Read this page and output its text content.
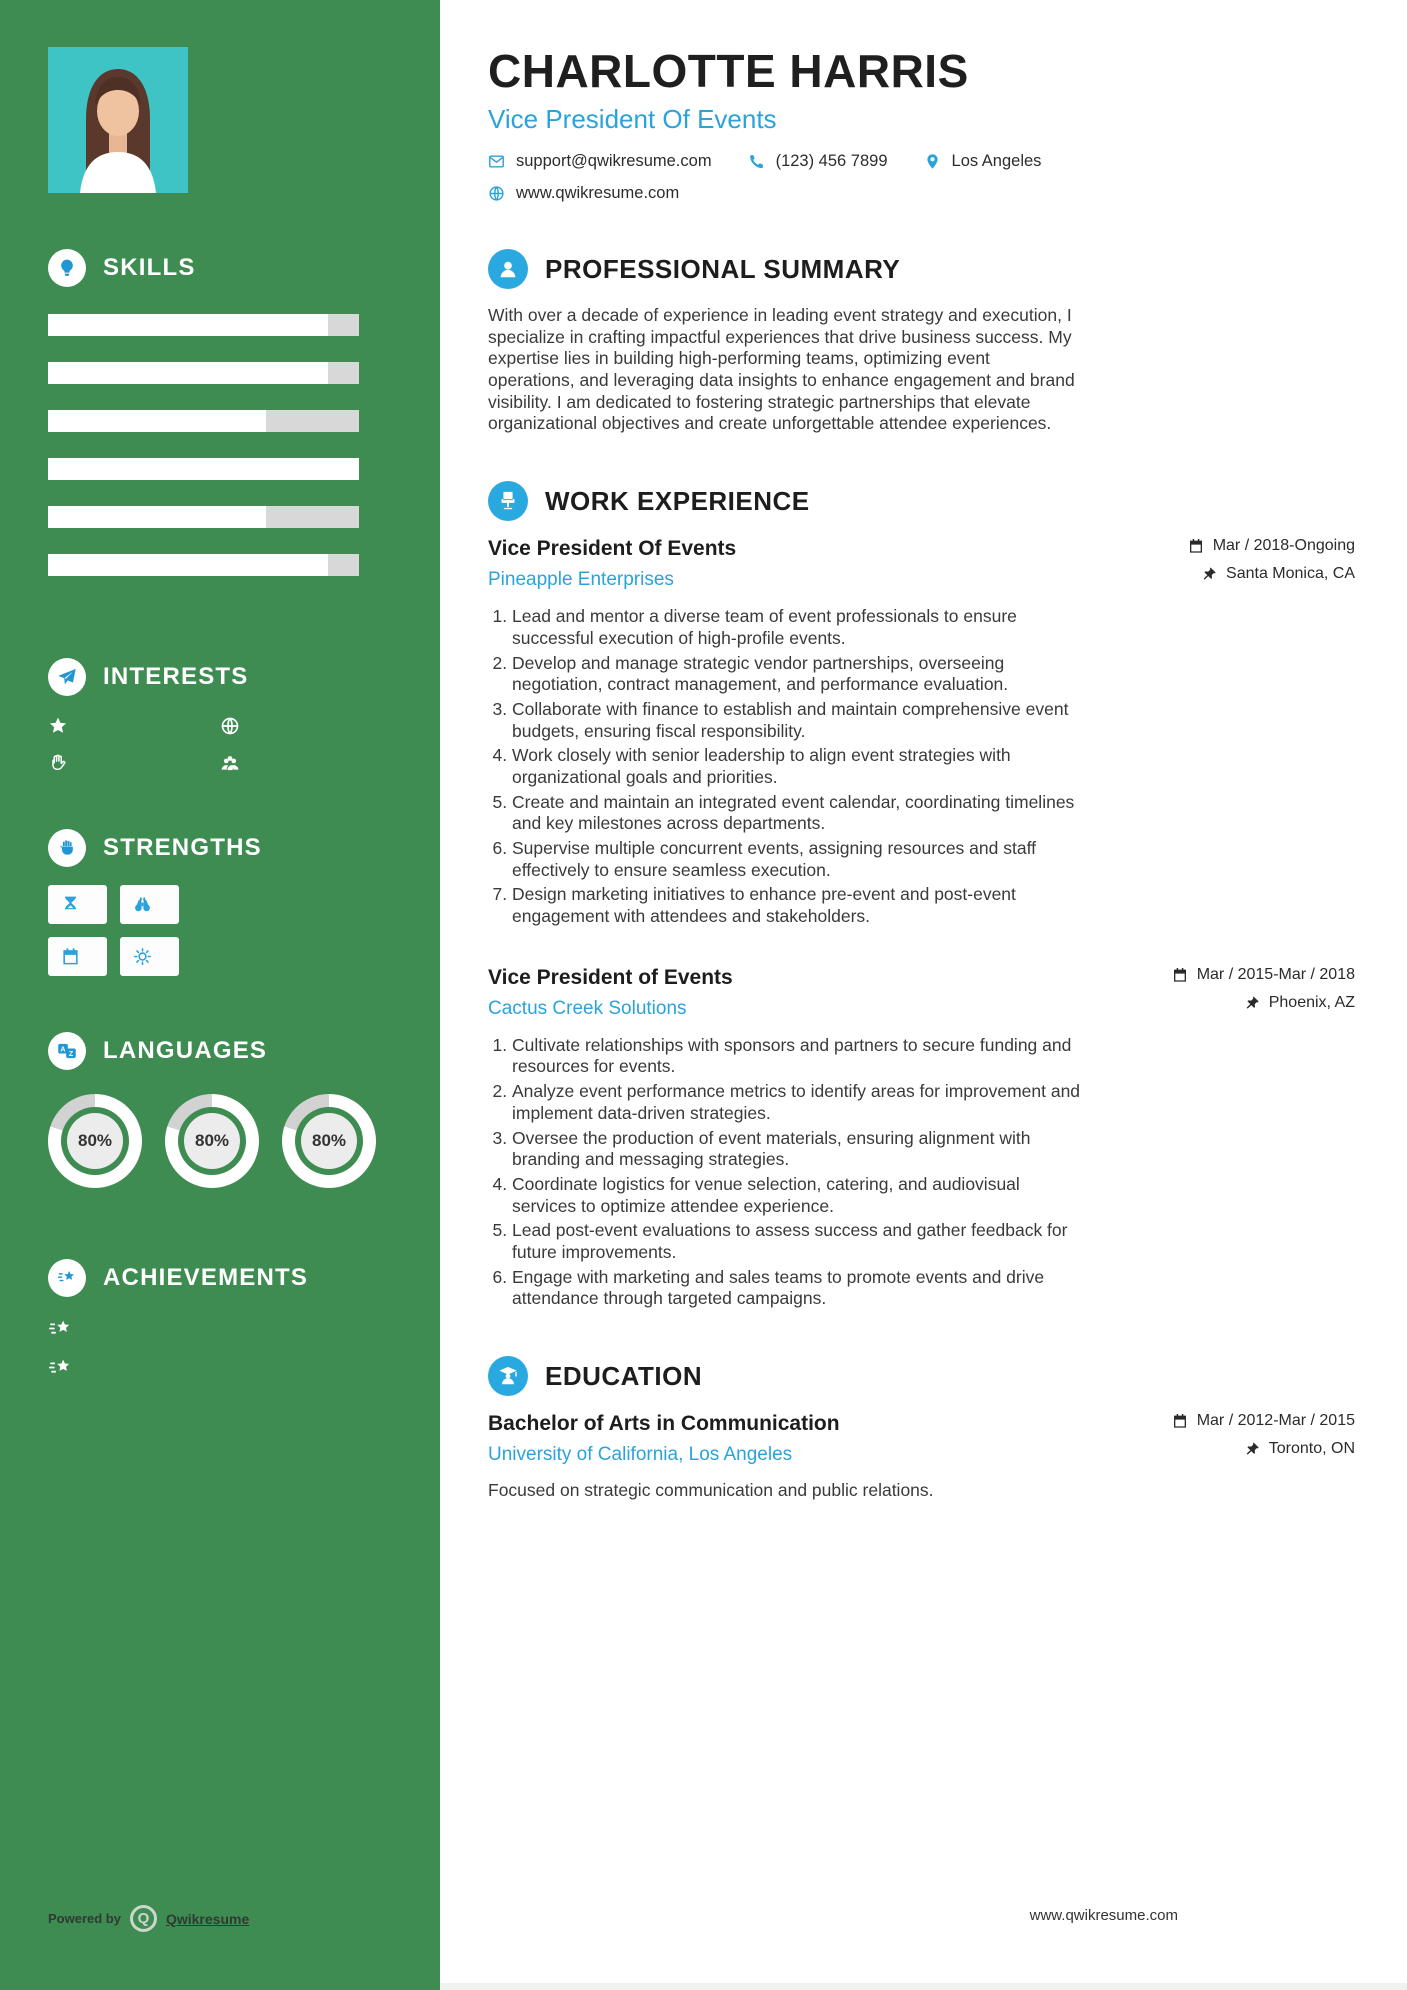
SKILLS
INTERESTS
STRENGTHS
A
Z LANGUAGES
80%	80%	80%
ACHIEVEMENTS
Powered by	Q	Qwikresume
CHARLOTTE HARRIS
Vice President Of Events
support@qwikresume.com	(123) 456 7899	Los Angeles
www.qwikresume.com
PROFESSIONAL SUMMARY

With over a decade of experience in leading event strategy and execution, I specialize in crafting impactful experiences that drive business success. My expertise lies in building high-performing teams, optimizing event operations, and leveraging data insights to enhance engagement and brand visibility. I am dedicated to fostering strategic partnerships that elevate organizational objectives and create unforgettable attendee experiences.

WORK EXPERIENCE
Vice President Of Events
Pineapple Enterprises
Mar / 2018-Ongoing
Santa Monica, CA
1. Lead and mentor a diverse team of event professionals to ensure successful execution of high-profile events.
2. Develop and manage strategic vendor partnerships, overseeing negotiation, contract management, and performance evaluation.
3. Collaborate with finance to establish and maintain comprehensive event budgets, ensuring fiscal responsibility.
4. Work closely with senior leadership to align event strategies with organizational goals and priorities.
5. Create and maintain an integrated event calendar, coordinating timelines and key milestones across departments.
6. Supervise multiple concurrent events, assigning resources and staff effectively to ensure seamless execution.
7. Design marketing initiatives to enhance pre-event and post-event engagement with attendees and stakeholders.
Vice President of Events
Cactus Creek Solutions
Mar / 2015-Mar / 2018
Phoenix, AZ
1. Cultivate relationships with sponsors and partners to secure funding and resources for events.
2. Analyze event performance metrics to identify areas for improvement and implement data-driven strategies.
3. Oversee the production of event materials, ensuring alignment with branding and messaging strategies.
4. Coordinate logistics for venue selection, catering, and audiovisual services to optimize attendee experience.
5. Lead post-event evaluations to assess success and gather feedback for future improvements.
6. Engage with marketing and sales teams to promote events and drive attendance through targeted campaigns.
EDUCATION
Bachelor of Arts in Communication
University of California, Los Angeles
Mar / 2012-Mar / 2015
Toronto, ON

Focused on strategic communication and public relations.

www.qwikresume.com
